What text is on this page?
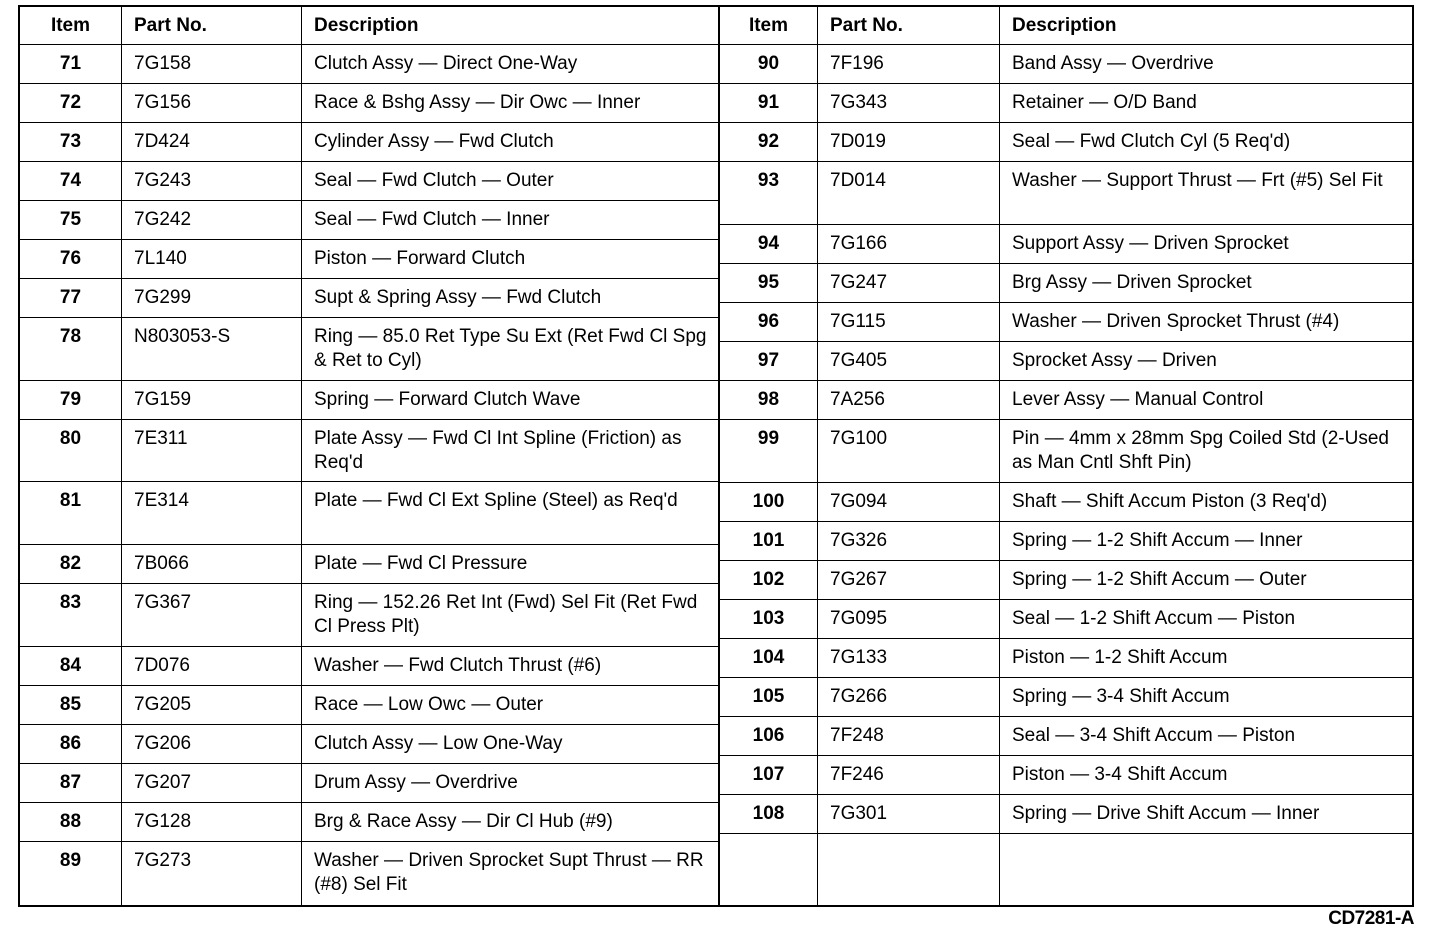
Item	Part No.	Description
71	7G158	Clutch Assy — Direct One-Way
72	7G156	Race & Bshg Assy — Dir Owc — Inner
73	7D424	Cylinder Assy — Fwd Clutch
74	7G243	Seal — Fwd Clutch — Outer
75	7G242	Seal — Fwd Clutch — Inner
76	7L140	Piston — Forward Clutch
77	7G299	Supt & Spring Assy — Fwd Clutch
78	N803053-S	Ring — 85.0 Ret Type Su Ext (Ret Fwd Cl Spg & Ret to Cyl)
79	7G159	Spring — Forward Clutch Wave
80	7E311	Plate Assy — Fwd Cl Int Spline (Friction) as Req'd
81	7E314	Plate — Fwd Cl Ext Spline (Steel) as Req'd
82	7B066	Plate — Fwd Cl Pressure
83	7G367	Ring — 152.26 Ret Int (Fwd) Sel Fit (Ret Fwd Cl Press Plt)
84	7D076	Washer — Fwd Clutch Thrust (#6)
85	7G205	Race — Low Owc — Outer
86	7G206	Clutch Assy — Low One-Way
87	7G207	Drum Assy — Overdrive
88	7G128	Brg & Race Assy — Dir Cl Hub (#9)
89	7G273	Washer — Driven Sprocket Supt Thrust — RR (#8) Sel Fit
Item	Part No.	Description
90	7F196	Band Assy — Overdrive
91	7G343	Retainer — O/D Band
92	7D019	Seal — Fwd Clutch Cyl (5 Req'd)
93	7D014	Washer — Support Thrust — Frt (#5) Sel Fit
94	7G166	Support Assy — Driven Sprocket
95	7G247	Brg Assy — Driven Sprocket
96	7G115	Washer — Driven Sprocket Thrust (#4)
97	7G405	Sprocket Assy — Driven
98	7A256	Lever Assy — Manual Control
99	7G100	Pin — 4mm x 28mm Spg Coiled Std (2-Used as Man Cntl Shft Pin)
100	7G094	Shaft — Shift Accum Piston (3 Req'd)
101	7G326	Spring — 1-2 Shift Accum — Inner
102	7G267	Spring — 1-2 Shift Accum — Outer
103	7G095	Seal — 1-2 Shift Accum — Piston
104	7G133	Piston — 1-2 Shift Accum
105	7G266	Spring — 3-4 Shift Accum
106	7F248	Seal — 3-4 Shift Accum — Piston
107	7F246	Piston — 3-4 Shift Accum
108	7G301	Spring — Drive Shift Accum — Inner
CD7281-A
